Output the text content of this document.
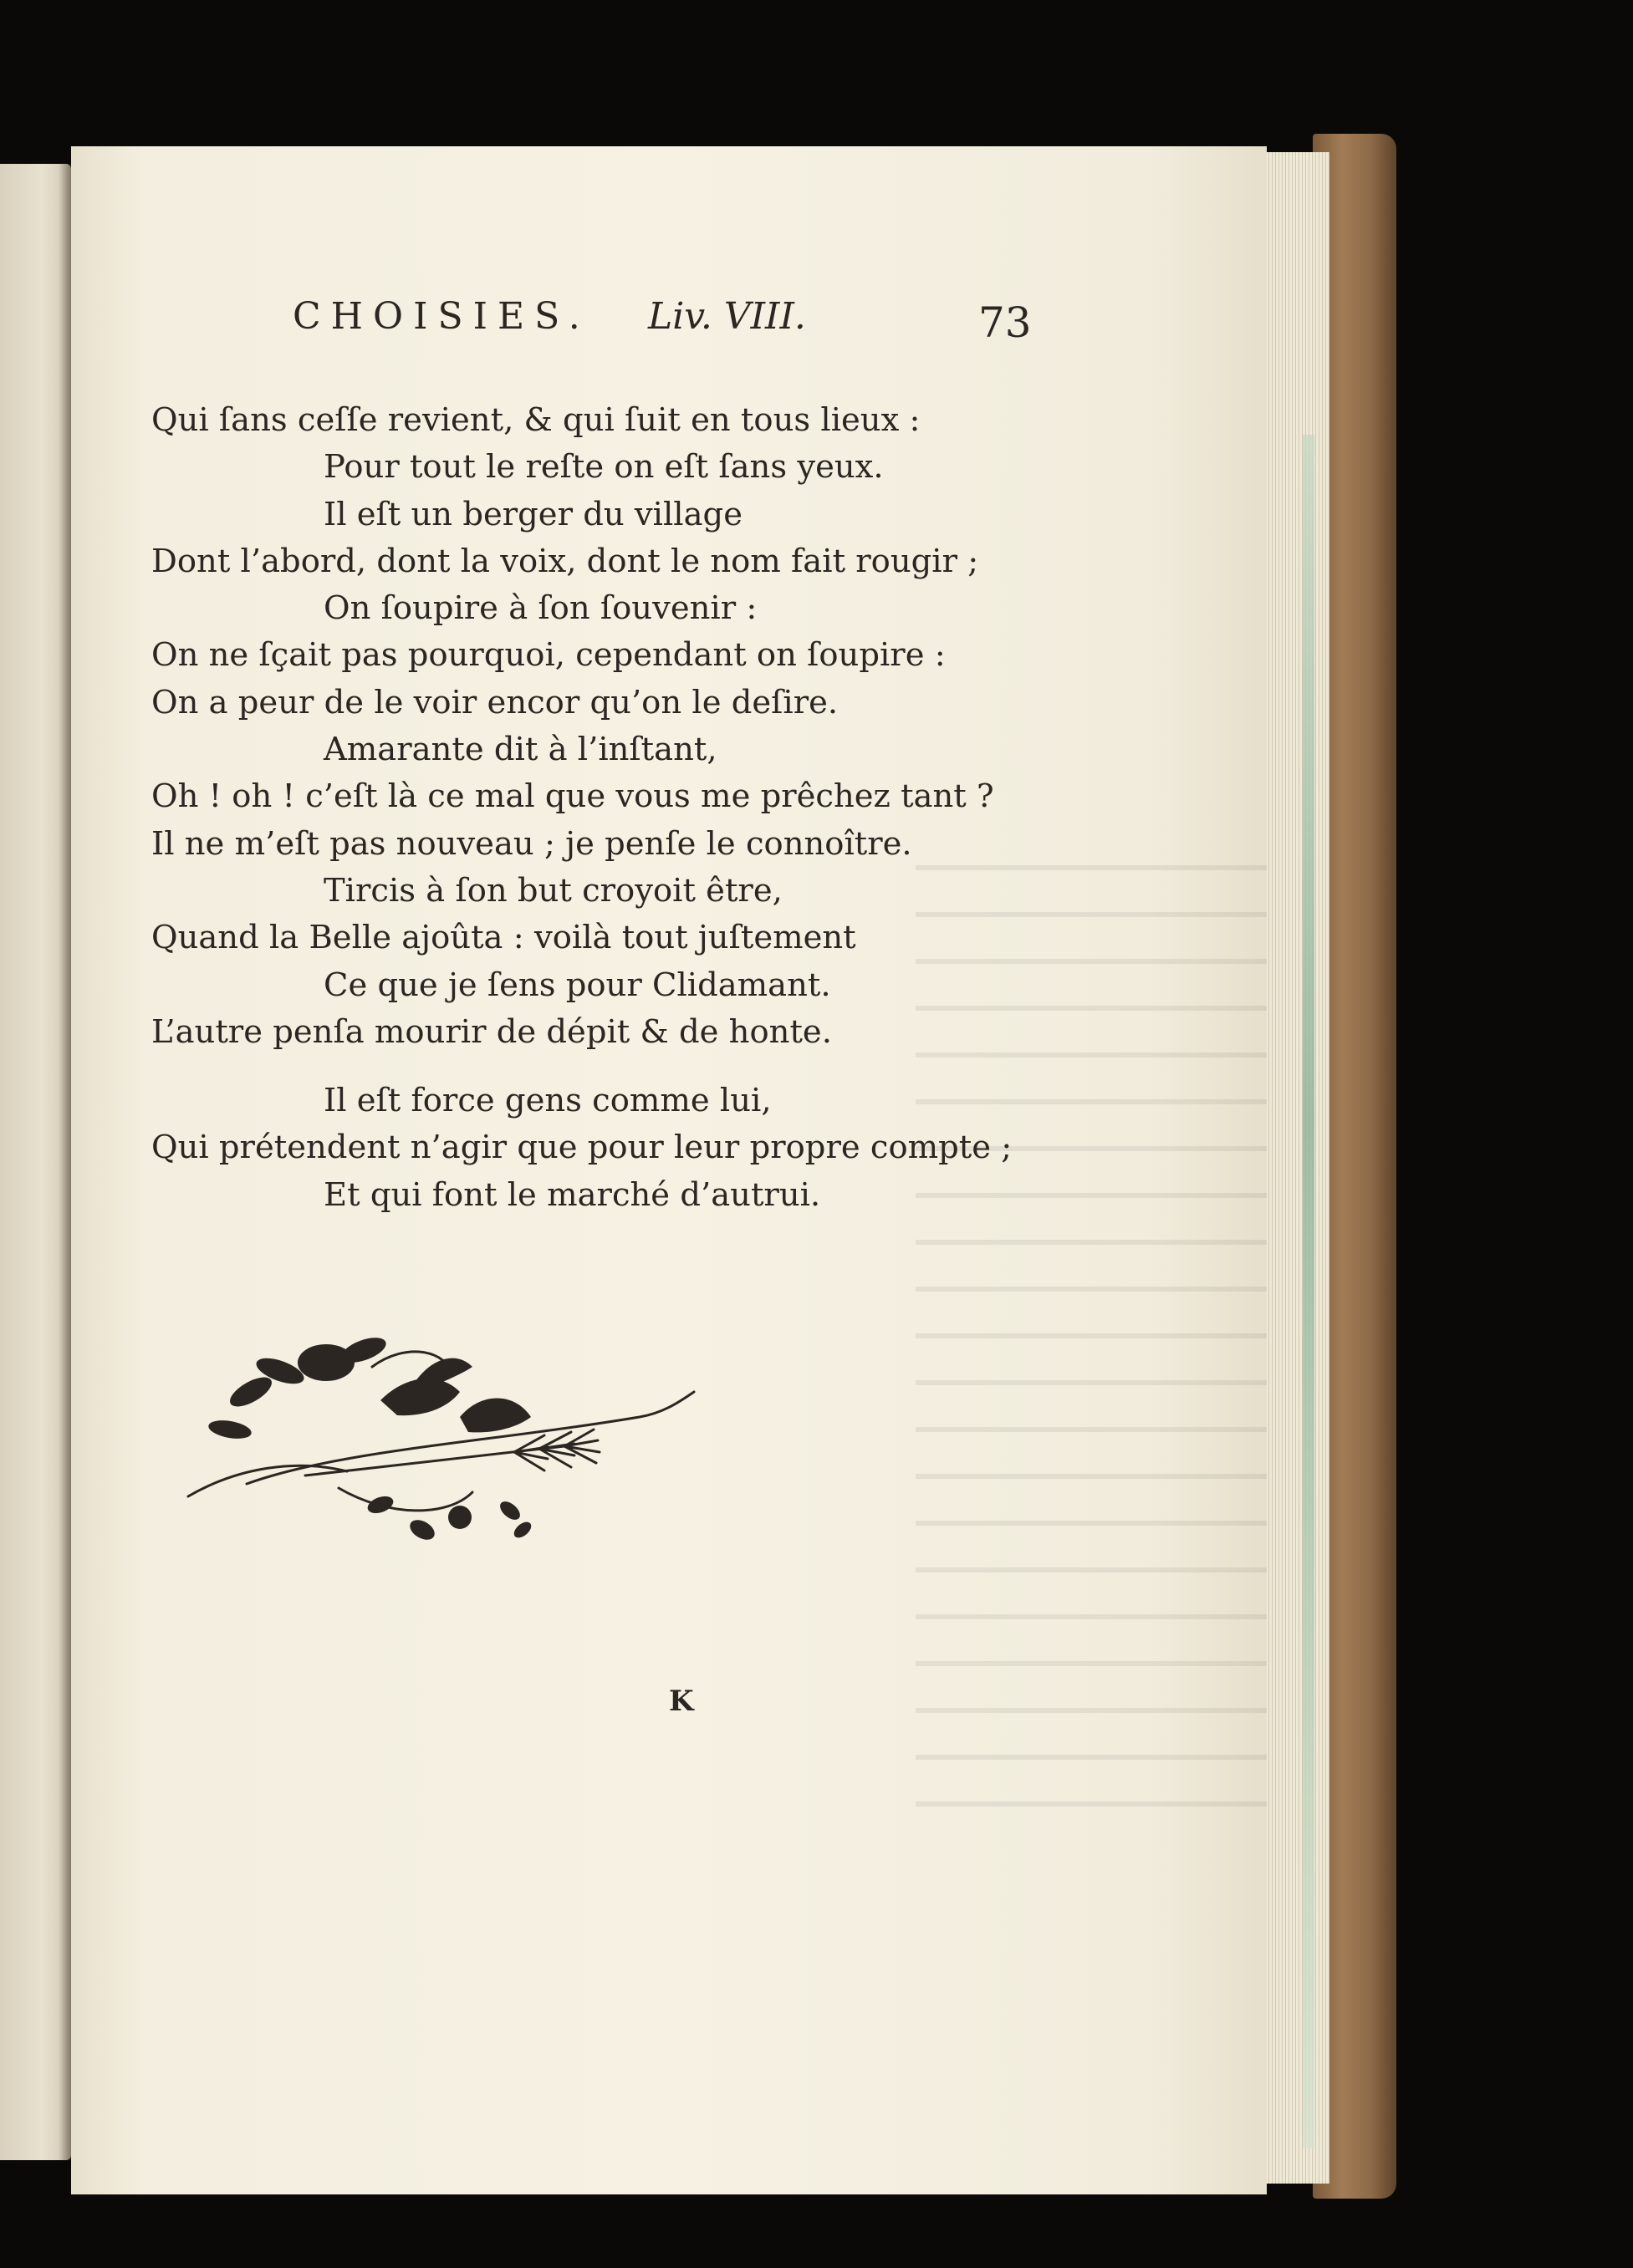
CHOISIES. Liv. VIII.	73
Qui ſans ceſſe revient, & qui ſuit en tous lieux :
Pour tout le reſte on eſt ſans yeux.
Il eſt un berger du village
Dont l’abord, dont la voix, dont le nom fait rougir ;
On ſoupire à ſon ſouvenir :
On ne ſçait pas pourquoi, cependant on ſoupire :
On a peur de le voir encor qu’on le deſire.
Amarante dit à l’inſtant,
Oh ! oh ! c’eſt là ce mal que vous me prêchez tant ?
Il ne m’eſt pas nouveau ; je penſe le connoître.
Tircis à ſon but croyoit être,
Quand la Belle ajoûta : voilà tout juſtement
Ce que je ſens pour Clidamant.
L’autre penſa mourir de dépit & de honte.
Il eſt force gens comme lui,
Qui prétendent n’agir que pour leur propre compte ;
Et qui font le marché d’autrui.
K
